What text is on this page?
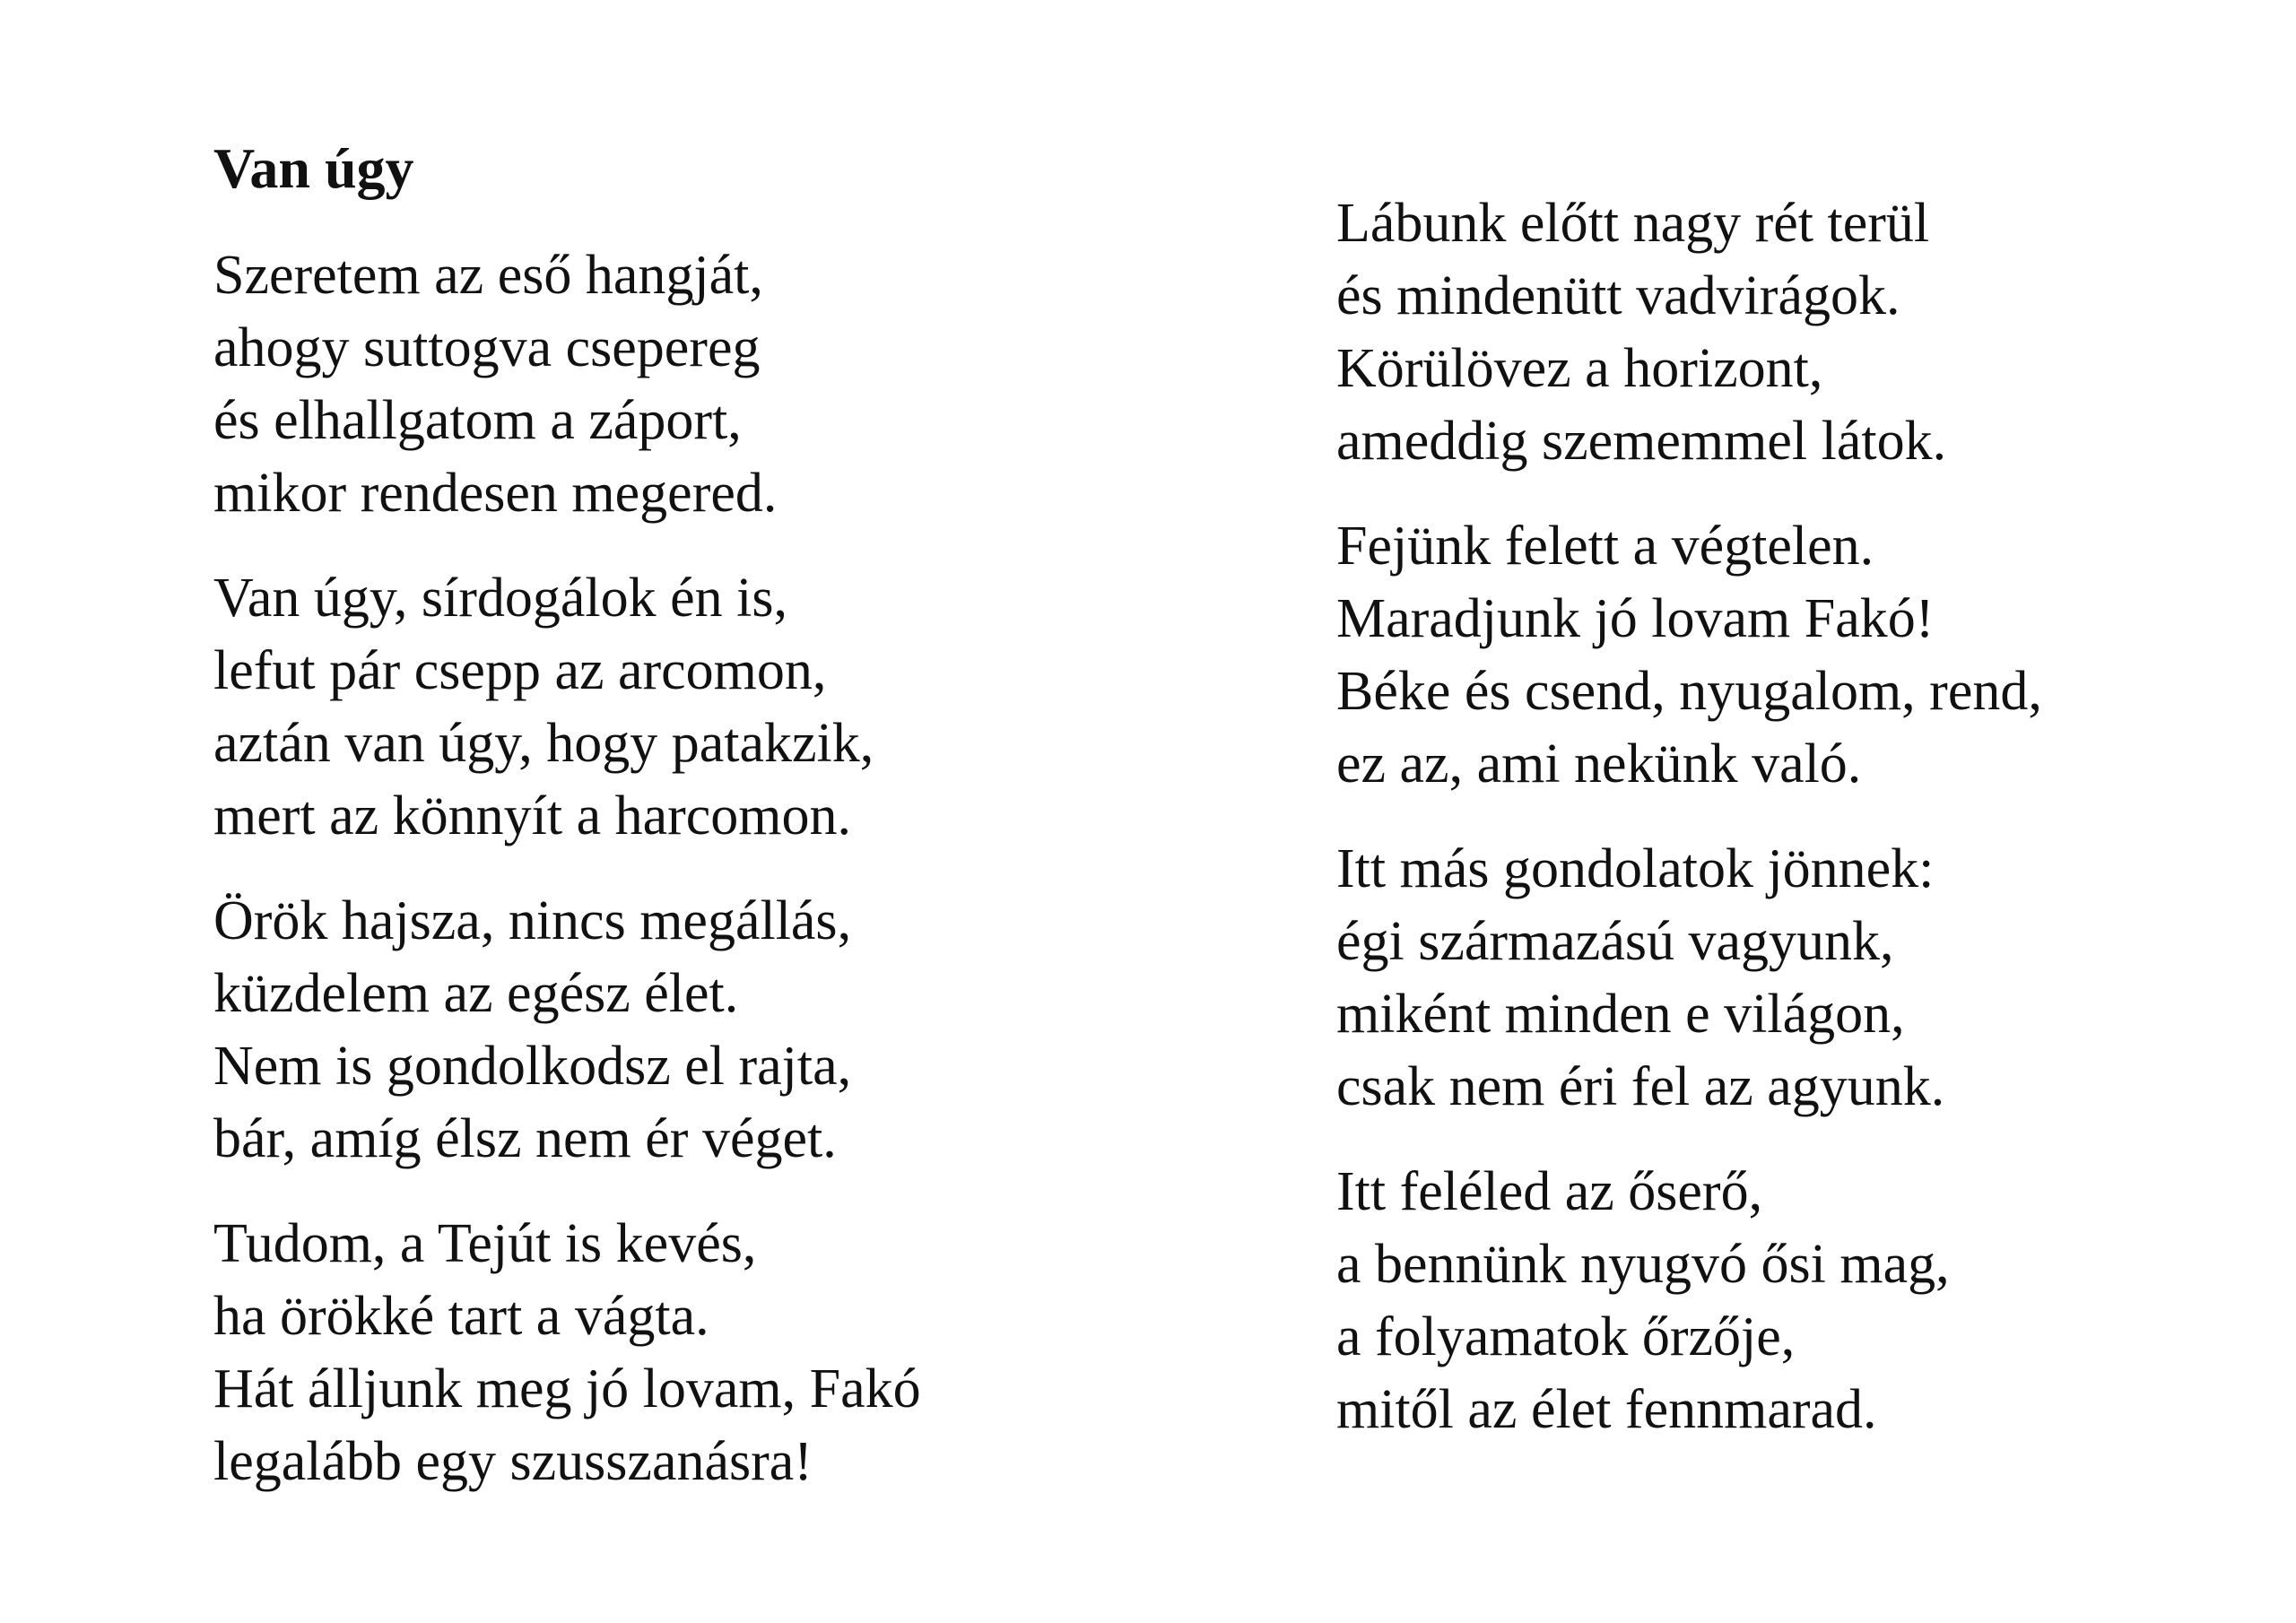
Van úgy

Szeretem az eső hangját,
ahogy suttogva csepereg
és elhallgatom a záport,
mikor rendesen megered.

Van úgy, sírdogálok én is,
lefut pár csepp az arcomon,
aztán van úgy, hogy patakzik,
mert az könnyít a harcomon.

Örök hajsza, nincs megállás,
küzdelem az egész élet.
Nem is gondolkodsz el rajta,
bár, amíg élsz nem ér véget.

Tudom, a Tejút is kevés,
ha örökké tart a vágta.
Hát álljunk meg jó lovam, Fakó
legalább egy szusszanásra!

Lábunk előtt nagy rét terül
és mindenütt vadvirágok.
Körülövez a horizont,
ameddig szememmel látok.

Fejünk felett a végtelen.
Maradjunk jó lovam Fakó!
Béke és csend, nyugalom, rend,
ez az, ami nekünk való.

Itt más gondolatok jönnek:
égi származású vagyunk,
miként minden e világon,
csak nem éri fel az agyunk.

Itt feléled az őserő,
a bennünk nyugvó ősi mag,
a folyamatok őrzője,
mitől az élet fennmarad.
